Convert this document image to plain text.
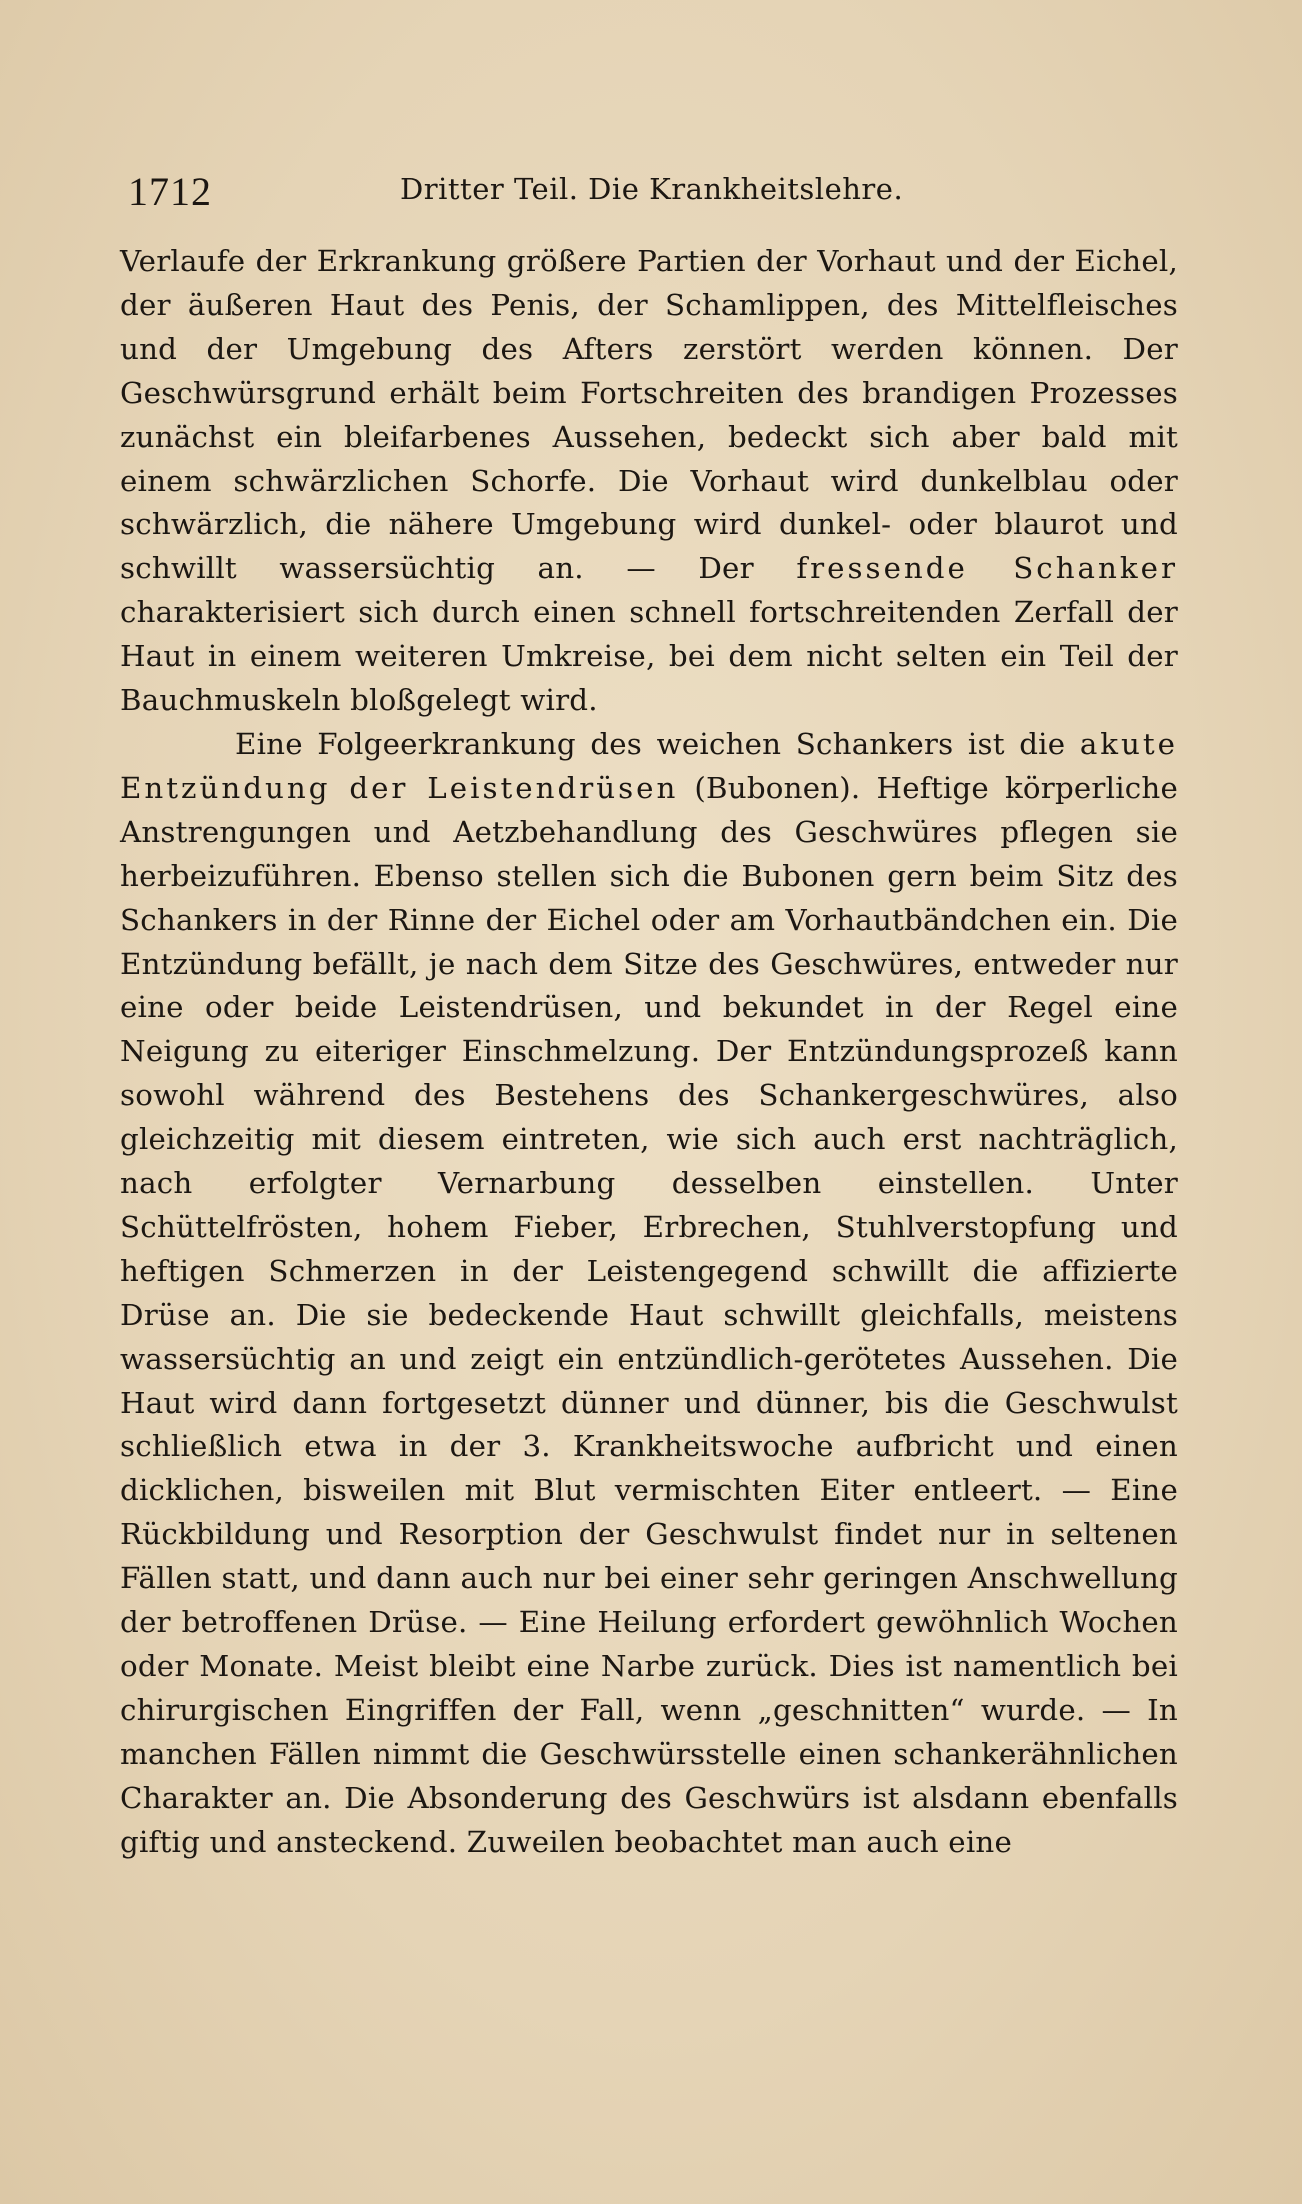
1712	Dritter Teil. Die Krankheitslehre.

Verlaufe der Erkrankung größere Partien der Vorhaut und der Eichel, der äußeren Haut des Penis, der Schamlippen, des Mittelfleisches und der Umgebung des Afters zerstört werden können. Der Geschwürsgrund erhält beim Fortschreiten des brandigen Prozesses zunächst ein bleifarbenes Aussehen, bedeckt sich aber bald mit einem schwärzlichen Schorfe. Die Vorhaut wird dunkelblau oder schwärzlich, die nähere Umgebung wird dunkel- oder blaurot und schwillt wassersüchtig an. — Der fressende Schanker charakterisiert sich durch einen schnell fortschreitenden Zerfall der Haut in einem weiteren Umkreise, bei dem nicht selten ein Teil der Bauchmuskeln bloßgelegt wird.

Eine Folgeerkrankung des weichen Schankers ist die akute Entzündung der Leistendrüsen (Bubonen). Heftige körperliche Anstrengungen und Aetzbehandlung des Geschwüres pflegen sie herbeizuführen. Ebenso stellen sich die Bubonen gern beim Sitz des Schankers in der Rinne der Eichel oder am Vorhautbändchen ein. Die Entzündung befällt, je nach dem Sitze des Geschwüres, entweder nur eine oder beide Leistendrüsen, und bekundet in der Regel eine Neigung zu eiteriger Einschmelzung. Der Entzündungsprozeß kann sowohl während des Bestehens des Schankergeschwüres, also gleichzeitig mit diesem eintreten, wie sich auch erst nachträglich, nach erfolgter Vernarbung desselben einstellen. Unter Schüttelfrösten, hohem Fieber, Erbrechen, Stuhlverstopfung und heftigen Schmerzen in der Leistengegend schwillt die affizierte Drüse an. Die sie bedeckende Haut schwillt gleichfalls, meistens wassersüchtig an und zeigt ein entzündlich-gerötetes Aussehen. Die Haut wird dann fortgesetzt dünner und dünner, bis die Geschwulst schließlich etwa in der 3. Krankheitswoche aufbricht und einen dicklichen, bisweilen mit Blut vermischten Eiter entleert. — Eine Rückbildung und Resorption der Geschwulst findet nur in seltenen Fällen statt, und dann auch nur bei einer sehr geringen Anschwellung der betroffenen Drüse. — Eine Heilung erfordert gewöhnlich Wochen oder Monate. Meist bleibt eine Narbe zurück. Dies ist namentlich bei chirurgischen Eingriffen der Fall, wenn „geschnitten“ wurde. — In manchen Fällen nimmt die Geschwürsstelle einen schankerähnlichen Charakter an. Die Absonderung des Geschwürs ist alsdann ebenfalls giftig und ansteckend. Zuweilen beobachtet man auch eine
